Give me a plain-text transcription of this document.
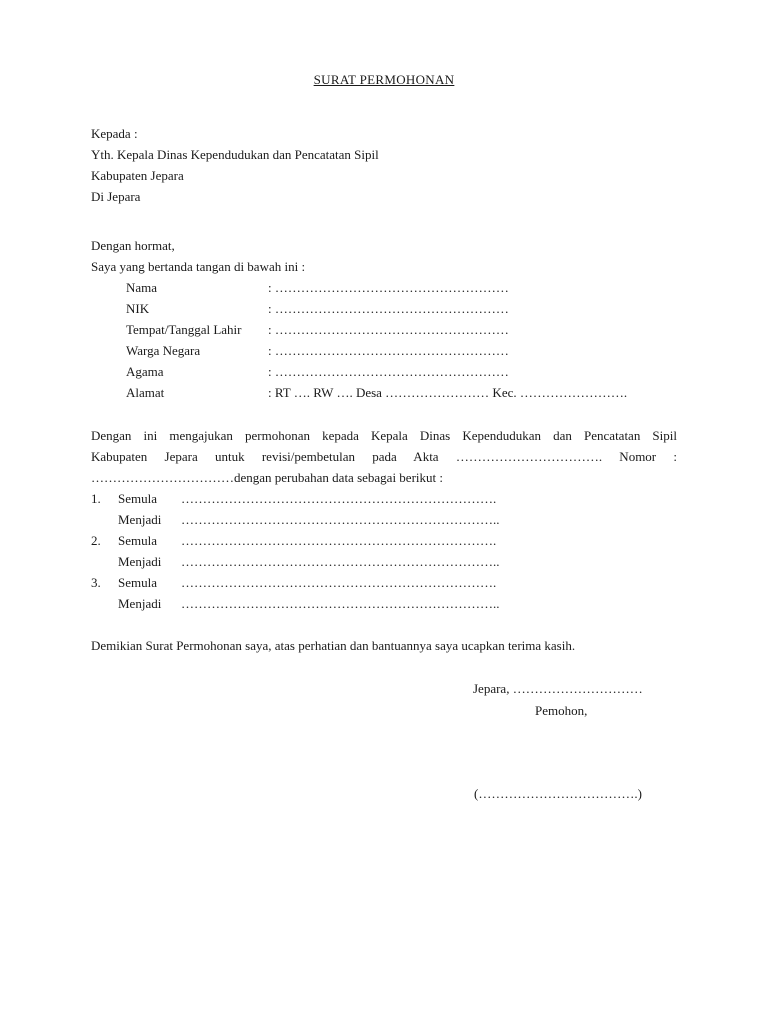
SURAT PERMOHONAN
Kepada :
Yth. Kepala Dinas Kependudukan dan Pencatatan Sipil
Kabupaten Jepara
Di Jepara
Dengan hormat,
Saya yang bertanda tangan di bawah ini :
Nama	: ………………………………………………
NIK	: ………………………………………………
Tempat/Tanggal Lahir : ………………………………………………
Warga Negara	: ………………………………………………
Agama	: ………………………………………………
Alamat	: RT …. RW …. Desa …………………… Kec. …………………….
Dengan ini mengajukan permohonan kepada Kepala Dinas Kependudukan dan Pencatatan Sipil
Kabupaten Jepara untuk revisi/pembetulan pada Akta ……………………………. Nomor :
……………………………dengan perubahan data sebagai berikut :
1. Semula ……………………………………………………………….
Menjadi ………………………………………………………………..
2. Semula ……………………………………………………………….
Menjadi ………………………………………………………………..
3. Semula ……………………………………………………………….
Menjadi ………………………………………………………………..
Demikian Surat Permohonan saya, atas perhatian dan bantuannya saya ucapkan terima kasih.
Jepara, …………………………
Pemohon,
(……………………………….)
